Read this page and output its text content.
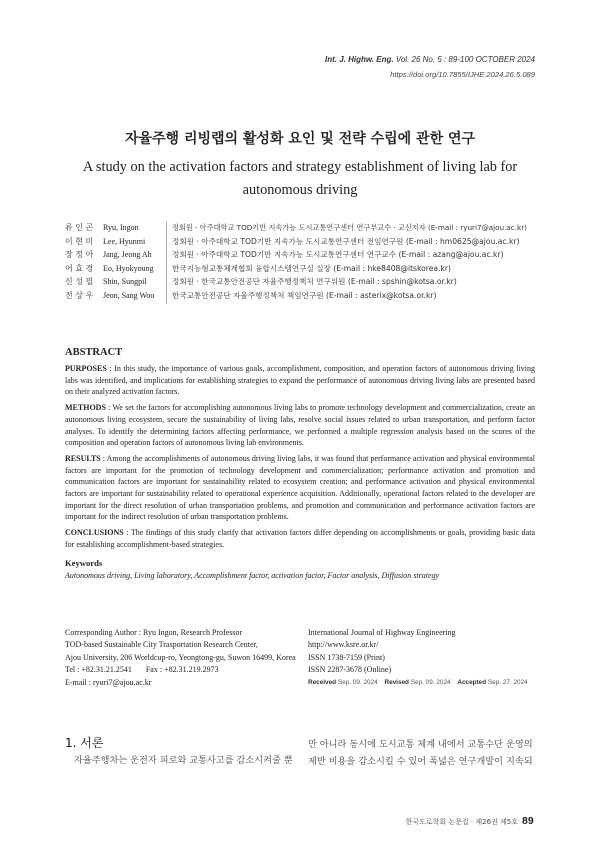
Int. J. Highw. Eng. Vol. 26 No. 5 : 89-100 OCTOBER 2024
https://doi.org/10.7855/IJHE.2024.26.5.089
자율주행 리빙랩의 활성화 요인 및 전략 수립에 관한 연구
A study on the activation factors and strategy establishment of living lab for
autonomous driving
류 인 곤	Ryu, Ingon	정회원 · 아주대학교 TOD기반 지속가능 도시교통연구센터 연구부교수 · 교신저자 (E-mail : ryuri7@ajou.ac.kr)
이 현 미	Lee, Hyunmi	정회원 · 아주대학교 TOD기반 지속가능 도시교통연구센터 전임연구원 (E-mail : hm0625@ajou.ac.kr)
장 정 아	Jang, Jeong Ah	정회원 · 아주대학교 TOD기반 지속가능 도시교통연구센터 연구교수 (E-mail : azang@ajou.ac.kr)
어 효 경	Eo, Hyokyoung	한국지능형교통체계협회 융합시스템연구실 실장 (E-mail : hke8408@itskorea.kr)
신 성 필	Shin, Sungpil	정회원 · 한국교통안전공단 자율주행정책처 연구위원 (E-mail : spshin@kotsa.or.kr)
전 상 우	Jeon, Sang Woo	한국교통안전공단 자율주행정책처 책임연구원 (E-mail : asterix@kotsa.or.kr)
ABSTRACT

PURPOSES : In this study, the importance of various goals, accomplishment, composition, and operation factors of autonomous driving living labs was identified, and implications for establishing strategies to expand the performance of autonomous driving living labs are presented based on their analyzed activation factors.

METHODS : We set the factors for accomplishing autonomous living labs to promote technology development and commercialization, create an autonomous living ecosystem, secure the sustainability of living labs, resolve social issues related to urban transportation, and perform factor analyses. To identify the determining factors affecting performance, we performed a multiple regression analysis based on the scores of the composition and operation factors of autonomous living lab environments.

RESULTS : Among the accomplishments of autonomous driving living labs, it was found that performance activation and physical environmental factors are important for the promotion of technology development and commercialization; performance activation and promotion and communication factors are important for sustainability related to ecosystem creation; and performance activation and physical environmental factors are important for sustainability related to operational experience acquisition. Additionally, operational factors related to the developer are important for the direct resolution of urban transportation problems, and promotion and communication and performance activation factors are important for the indirect resolution of urban transportation problems.

CONCLUSIONS : The findings of this study clarify that activation factors differ depending on accomplishments or goals, providing basic data for establishing accomplishment-based strategies.

Keywords

Autonomous driving, Living laboratory, Accomplishment factor, activation factor, Factor analysis, Diffusion strategy

Corresponding Author : Ryu Ingon, Research Professor
TOD-based Sustainable City Trasportation Research Center,
Ajou University, 206 Worldcup-ro, Yeongtong-gu, Suwon 16499, Korea
Tel : +82.31.21.2541 Fax : +82.31.219.2973
E-mail : ryuri7@ajou.ac.kr
International Journal of Highway Engineering
http://www.ksre.or.kr/
ISSN 1738-7159 (Print)
ISSN 2287-3678 (Online)
Received Sep. 09. 2024 Revised Sep. 09. 2024 Accepted Sep. 27. 2024
1. 서론
자율주행차는 운전자 피로와 교통사고를 감소시켜줄 뿐
만 아니라 동시에 도시교통 체계 내에서 교통수단 운영의
제반 비용을 감소시킬 수 있어 폭넓은 연구개발이 지속되
한국도로학회 논문집 · 제26권 제5호 89
